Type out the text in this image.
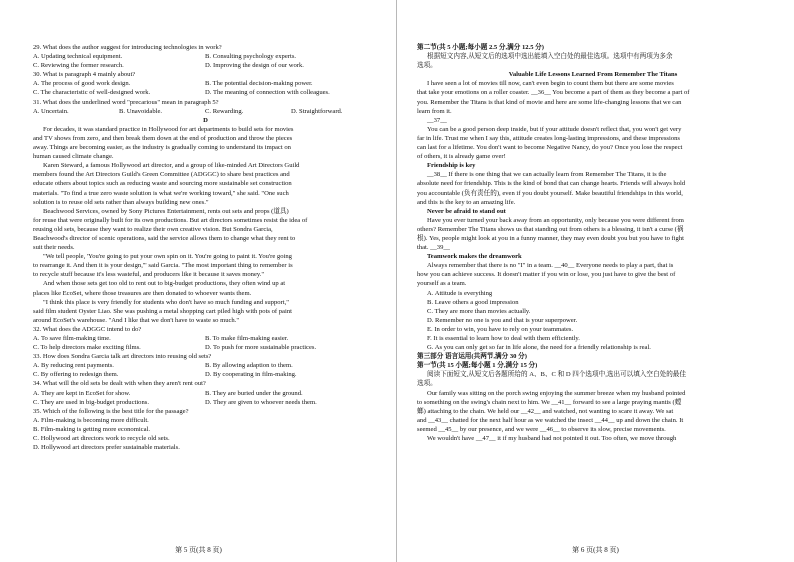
29. What does the author suggest for introducing technologies in work?
A. Updating technical equipment.	B. Consulting psychology experts.
C. Reviewing the former research.	D. Improving the design of our work.
30. What is paragraph 4 mainly about?
A. The process of good work design.	B. The potential decision-making power.
C. The characteristic of well-designed work.	D. The meaning of connection with colleagues.
31. What does the underlined word "precarious" mean in paragraph 5?
A. Uncertain.	B. Unavoidable.	C. Rewarding.	D. Straightforward.
D
For decades, it was standard practice in Hollywood for art departments to build sets for movies
and TV shows from zero, and then break them down at the end of production and throw the pieces
away. Things are becoming easier, as the industry is gradually coming to understand its impact on
human caused climate change.
Karen Steward, a famous Hollywood art director, and a group of like-minded Art Directors Guild
members found the Art Directors Guild's Green Committee (ADGGC) to share best practices and
educate others about topics such as reducing waste and sourcing more sustainable set construction
materials. "To find a true zero waste solution is what we're working toward," she said. "One such
solution is to reuse old sets rather than always building new ones."
Beachwood Services, owned by Sony Pictures Entertainment, rents out sets and props (道具)
for reuse that were originally built for its own productions. But art directors sometimes resist the idea of
reusing old sets, because they want to realize their own creative vision. But Sondra Garcia,
Beachwood's director of scenic operations, said the service allows them to change what they rent to
suit their needs.
"We tell people, 'You're going to put your own spin on it. You're going to paint it. You're going
to rearrange it. And then it is your design,'" said Garcia. "The most important thing to remember is
to recycle stuff because it's less wasteful, and producers like it because it saves money."
And when those sets get too old to rent out to big-budget productions, they often wind up at
places like EcoSet, where those treasures are then donated to whoever wants them.
"I think this place is very friendly for students who don't have so much funding and support,"
said film student Oyster Liao. She was pushing a metal shopping cart piled high with pots of paint
around EcoSet's warehouse. "And I like that we don't have to waste so much."
32. What does the ADGGC intend to do?
A. To save film-making time.	B. To make film-making easier.
C. To help directors make exciting films.	D. To push for more sustainable practices.
33. How does Sondra Garcia talk art directors into reusing old sets?
A. By reducing rent payments.	B. By allowing adaption to them.
C. By offering to redesign them.	D. By cooperating in film-making.
34. What will the old sets be dealt with when they aren't rent out?
A. They are kept in EcoSet for show.	B. They are buried under the ground.
C. They are used in big-budget productions.	D. They are given to whoever needs them.
35. Which of the following is the best title for the passage?
A. Film-making is becoming more difficult.
B. Film-making is getting more economical.
C. Hollywood art directors work to recycle old sets.
D. Hollywood art directors prefer sustainable materials.
第 5 页(共 8 页)
第二节(共 5 小题;每小题 2.5 分,满分 12.5 分)
根据短文内容,从短文后的选项中选出能填入空白处的最佳选项。选项中有两项为多余
选项。
Valuable Life Lessons Learned From Remember The Titans
I have seen a lot of movies till now, can't even begin to count them but there are some movies
that take your emotions on a roller coaster. __36__ You become a part of them as they become a part of
you. Remember the Titans is that kind of movie and here are some life-changing lessons that we can
learn from it.
__37__
You can be a good person deep inside, but if your attitude doesn't reflect that, you won't get very
far in life. Trust me when I say this, attitude creates long-lasting impressions, and these impressions
can last for a lifetime. You don't want to become Negative Nancy, do you? Once you lose the respect
of others, it is already game over!
Friendship is key
__38__ If there is one thing that we can actually learn from Remember The Titans, it is the
absolute need for friendship. This is the kind of bond that can change hearts. Friends will always hold
you accountable (负有责任的), even if you doubt yourself. Make beautiful friendships in this world,
and this is the key to an amazing life.
Never be afraid to stand out
Have you ever turned your back away from an opportunity, only because you were different from
others? Remember The Titans shows us that standing out from others is a blessing, it isn't a curse (祸
根). Yes, people might look at you in a funny manner, they may even doubt you but you have to fight
that. __39__
Teamwork makes the dreamwork
Always remember that there is no "I" in a team. __40__ Everyone needs to play a part, that is
how you can achieve success. It doesn't matter if you win or lose, you just have to give the best of
yourself as a team.
A. Attitude is everything
B. Leave others a good impression
C. They are more than movies actually.
D. Remember no one is you and that is your superpower.
E. In order to win, you have to rely on your teammates.
F. It is essential to learn how to deal with them efficiently.
G. As you can only get so far in life alone, the need for a friendly relationship is real.
第三部分 语言运用(共两节,满分 30 分)
第一节(共 15 小题;每小题 1 分,满分 15 分)
阅读下面短文,从短文后各题所给的 A、B、C 和 D 四个选项中,选出可以填入空白处的最佳
选项。
Our family was sitting on the porch swing enjoying the summer breeze when my husband pointed
to something on the swing's chain next to him. We __41__ forward to see a large praying mantis (螳
螂) attaching to the chain. We held our __42__ and watched, not wanting to scare it away. We sat
and __43__ chatted for the next half hour as we watched the insect __44__ up and down the chain. It
seemed __45__ by our presence, and we were __46__ to observe its slow, precise movements.
We wouldn't have __47__ it if my husband had not pointed it out. Too often, we move through
第 6 页(共 8 页)
